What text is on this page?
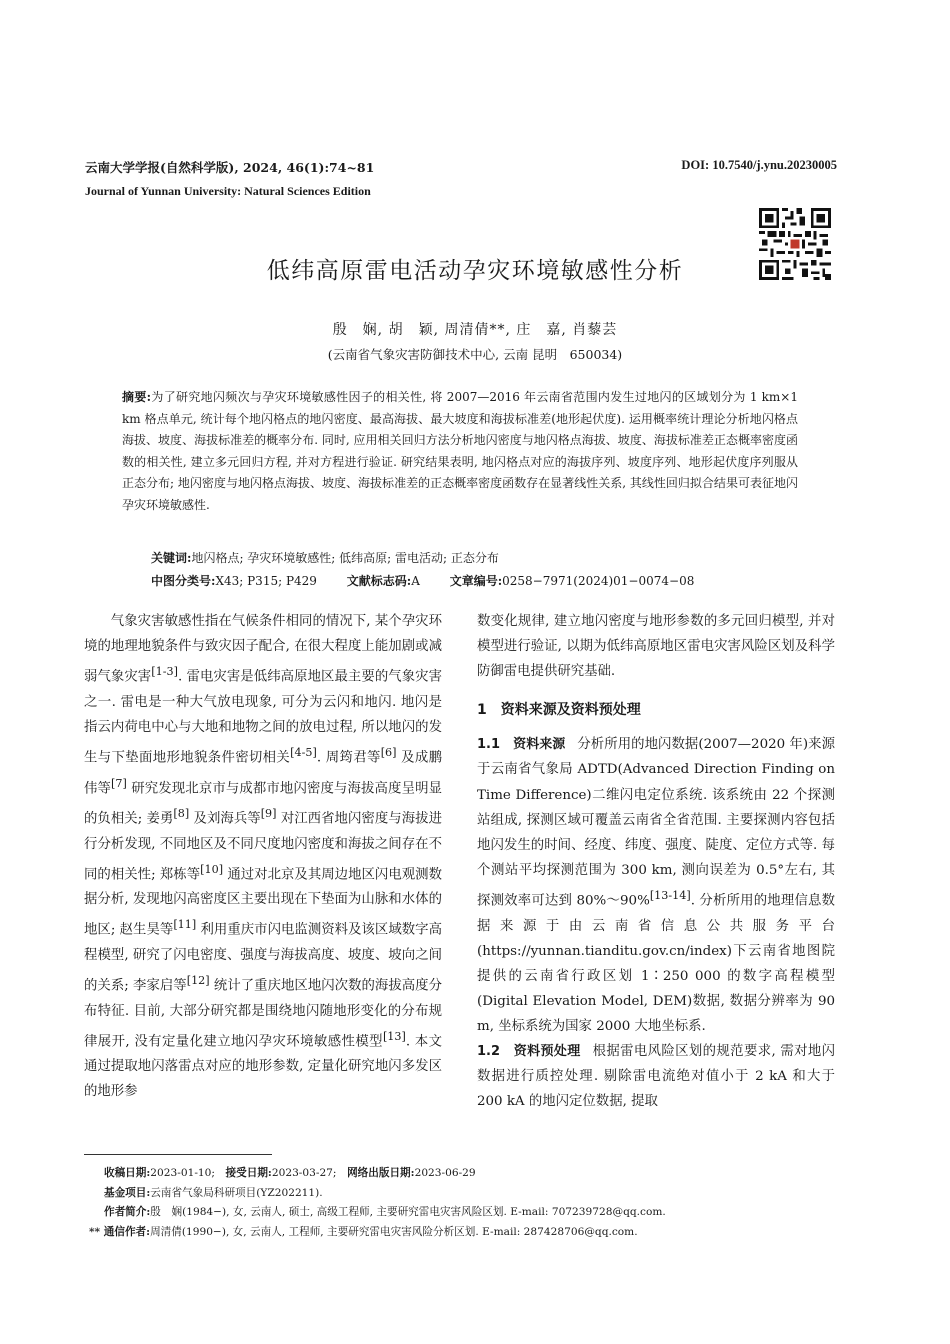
云南大学学报(自然科学版), 2024, 46(1):74~81	DOI: 10.7540/j.ynu.20230005
Journal of Yunnan University: Natural Sciences Edition
低纬高原雷电活动孕灾环境敏感性分析
殷　娴, 胡　颖, 周清倩**, 庄　嘉, 肖藜芸
(云南省气象灾害防御技术中心, 云南 昆明　650034)
摘要:为了研究地闪频次与孕灾环境敏感性因子的相关性, 将 2007—2016 年云南省范围内发生过地闪的区域划分为 1 km×1 km 格点单元, 统计每个地闪格点的地闪密度、最高海拔、最大坡度和海拔标准差(地形起伏度). 运用概率统计理论分析地闪格点海拔、坡度、海拔标准差的概率分布. 同时, 应用相关回归方法分析地闪密度与地闪格点海拔、坡度、海拔标准差正态概率密度函数的相关性, 建立多元回归方程, 并对方程进行验证. 研究结果表明, 地闪格点对应的海拔序列、坡度序列、地形起伏度序列服从正态分布; 地闪密度与地闪格点海拔、坡度、海拔标准差的正态概率密度函数存在显著线性关系, 其线性回归拟合结果可表征地闪孕灾环境敏感性.
关键词:地闪格点; 孕灾环境敏感性; 低纬高原; 雷电活动; 正态分布
中图分类号:X43; P315; P429 文献标志码:A 文章编号:0258−7971(2024)01−0074−08

气象灾害敏感性指在气候条件相同的情况下, 某个孕灾环境的地理地貌条件与致灾因子配合, 在很大程度上能加剧或减弱气象灾害[1-3]. 雷电灾害是低纬高原地区最主要的气象灾害之一. 雷电是一种大气放电现象, 可分为云闪和地闪. 地闪是指云内荷电中心与大地和地物之间的放电过程, 所以地闪的发生与下垫面地形地貌条件密切相关[4-5]. 周筠君等[6] 及成鹏伟等[7] 研究发现北京市与成都市地闪密度与海拔高度呈明显的负相关; 姜勇[8] 及刘海兵等[9] 对江西省地闪密度与海拔进行分析发现, 不同地区及不同尺度地闪密度和海拔之间存在不同的相关性; 郑栋等[10] 通过对北京及其周边地区闪电观测数据分析, 发现地闪高密度区主要出现在下垫面为山脉和水体的地区; 赵生昊等[11] 利用重庆市闪电监测资料及该区域数字高程模型, 研究了闪电密度、强度与海拔高度、坡度、坡向之间的关系; 李家启等[12] 统计了重庆地区地闪次数的海拔高度分布特征. 目前, 大部分研究都是围绕地闪随地形变化的分布规律展开, 没有定量化建立地闪孕灾环境敏感性模型[13]. 本文通过提取地闪落雷点对应的地形参数, 定量化研究地闪多发区的地形参

数变化规律, 建立地闪密度与地形参数的多元回归模型, 并对模型进行验证, 以期为低纬高原地区雷电灾害风险区划及科学防御雷电提供研究基础.

1　资料来源及资料预处理

1.1　资料来源 分析所用的地闪数据(2007—2020 年)来源于云南省气象局 ADTD(Advanced Direction Finding on Time Difference)二维闪电定位系统. 该系统由 22 个探测站组成, 探测区域可覆盖云南省全省范围. 主要探测内容包括地闪发生的时间、经度、纬度、强度、陡度、定位方式等. 每个测站平均探测范围为 300 km, 测向误差为 0.5°左右, 其探测效率可达到 80%～90%[13-14]. 分析所用的地理信息数据来源于由云南省信息公共服务平台(https://yunnan.tianditu.gov.cn/index)下云南省地图院提供的云南省行政区划 1∶250 000 的数字高程模型(Digital Elevation Model, DEM)数据, 数据分辨率为 90 m, 坐标系统为国家 2000 大地坐标系.

1.2　资料预处理 根据雷电风险区划的规范要求, 需对地闪数据进行质控处理. 剔除雷电流绝对值小于 2 kA 和大于 200 kA 的地闪定位数据, 提取

收稿日期:2023-01-10;  接受日期:2023-03-27;  网络出版日期:2023-06-29

基金项目:云南省气象局科研项目(YZ202211).

作者简介:殷　娴(1984−), 女, 云南人, 硕士, 高级工程师, 主要研究雷电灾害风险区划. E-mail: 707239728@qq.com.

** 通信作者:周清倩(1990−), 女, 云南人, 工程师, 主要研究雷电灾害风险分析区划. E-mail: 287428706@qq.com.
